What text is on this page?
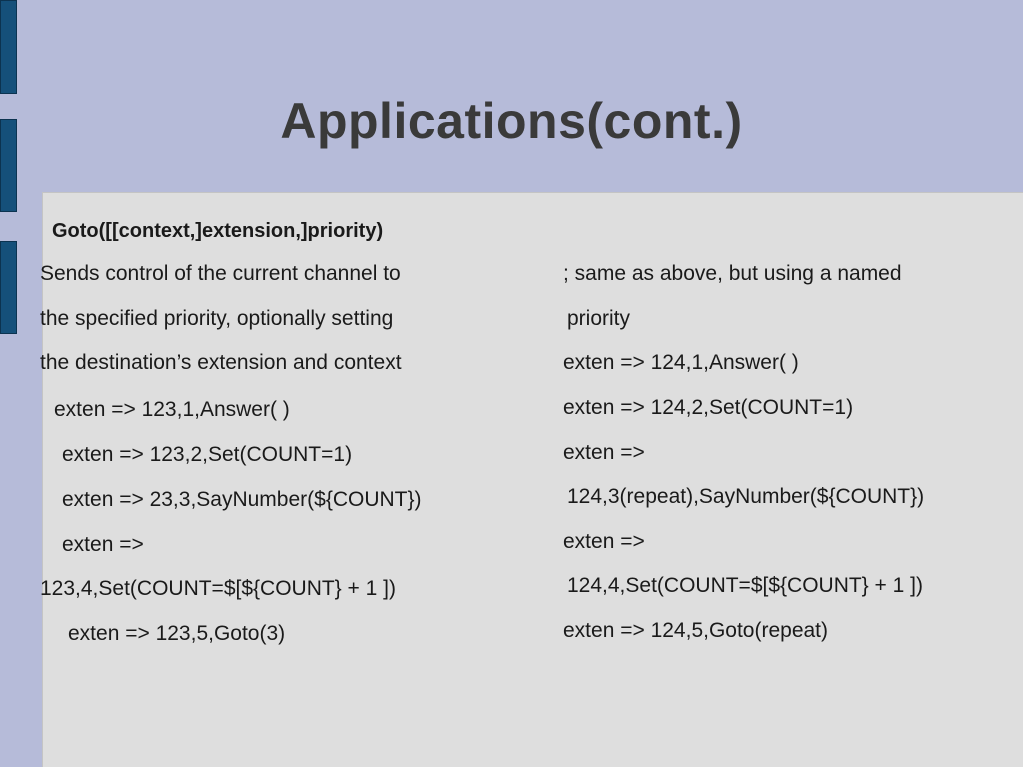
Applications(cont.)
Goto([[context,]extension,]priority)
Sends control of the current channel to
the specified priority, optionally setting
the destination’s extension and context
exten => 123,1,Answer( )
exten => 123,2,Set(COUNT=1)
exten => 23,3,SayNumber(${COUNT})
exten =>
123,4,Set(COUNT=$[${COUNT} + 1 ])
exten => 123,5,Goto(3)
; same as above, but using a named
priority
exten => 124,1,Answer( )
exten => 124,2,Set(COUNT=1)
exten =>
124,3(repeat),SayNumber(${COUNT})
exten =>
124,4,Set(COUNT=$[${COUNT} + 1 ])
exten => 124,5,Goto(repeat)
